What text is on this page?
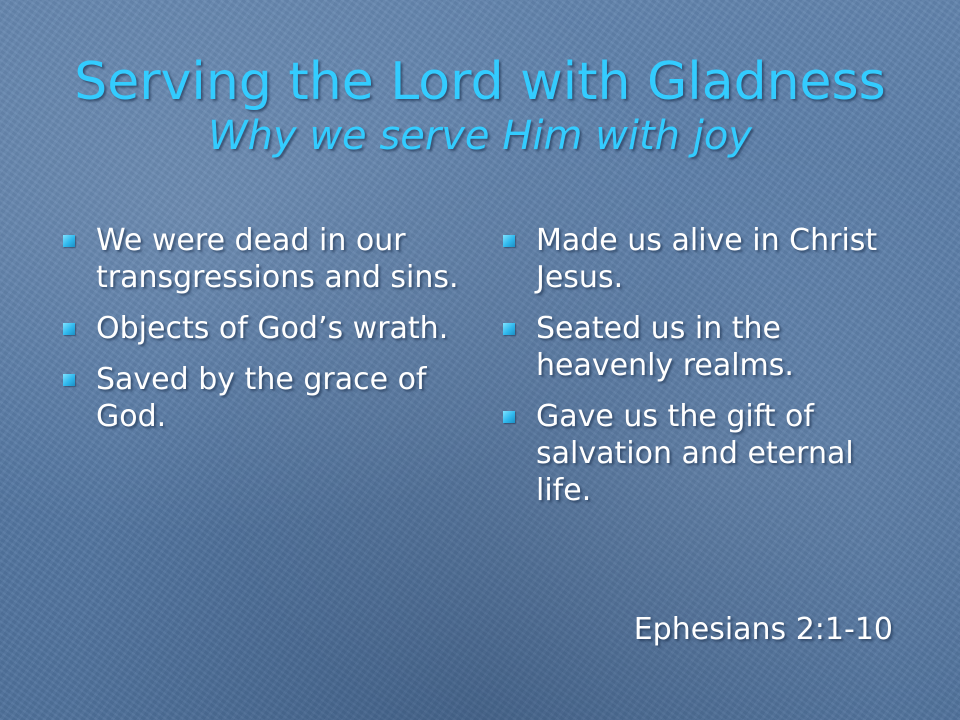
Serving the Lord with Gladness
Why we serve Him with joy
We were dead in our transgressions and sins.
Objects of God’s wrath.
Saved by the grace of God.
Made us alive in Christ Jesus.
Seated us in the heavenly realms.
Gave us the gift of salvation and eternal life.
Ephesians 2:1-10
